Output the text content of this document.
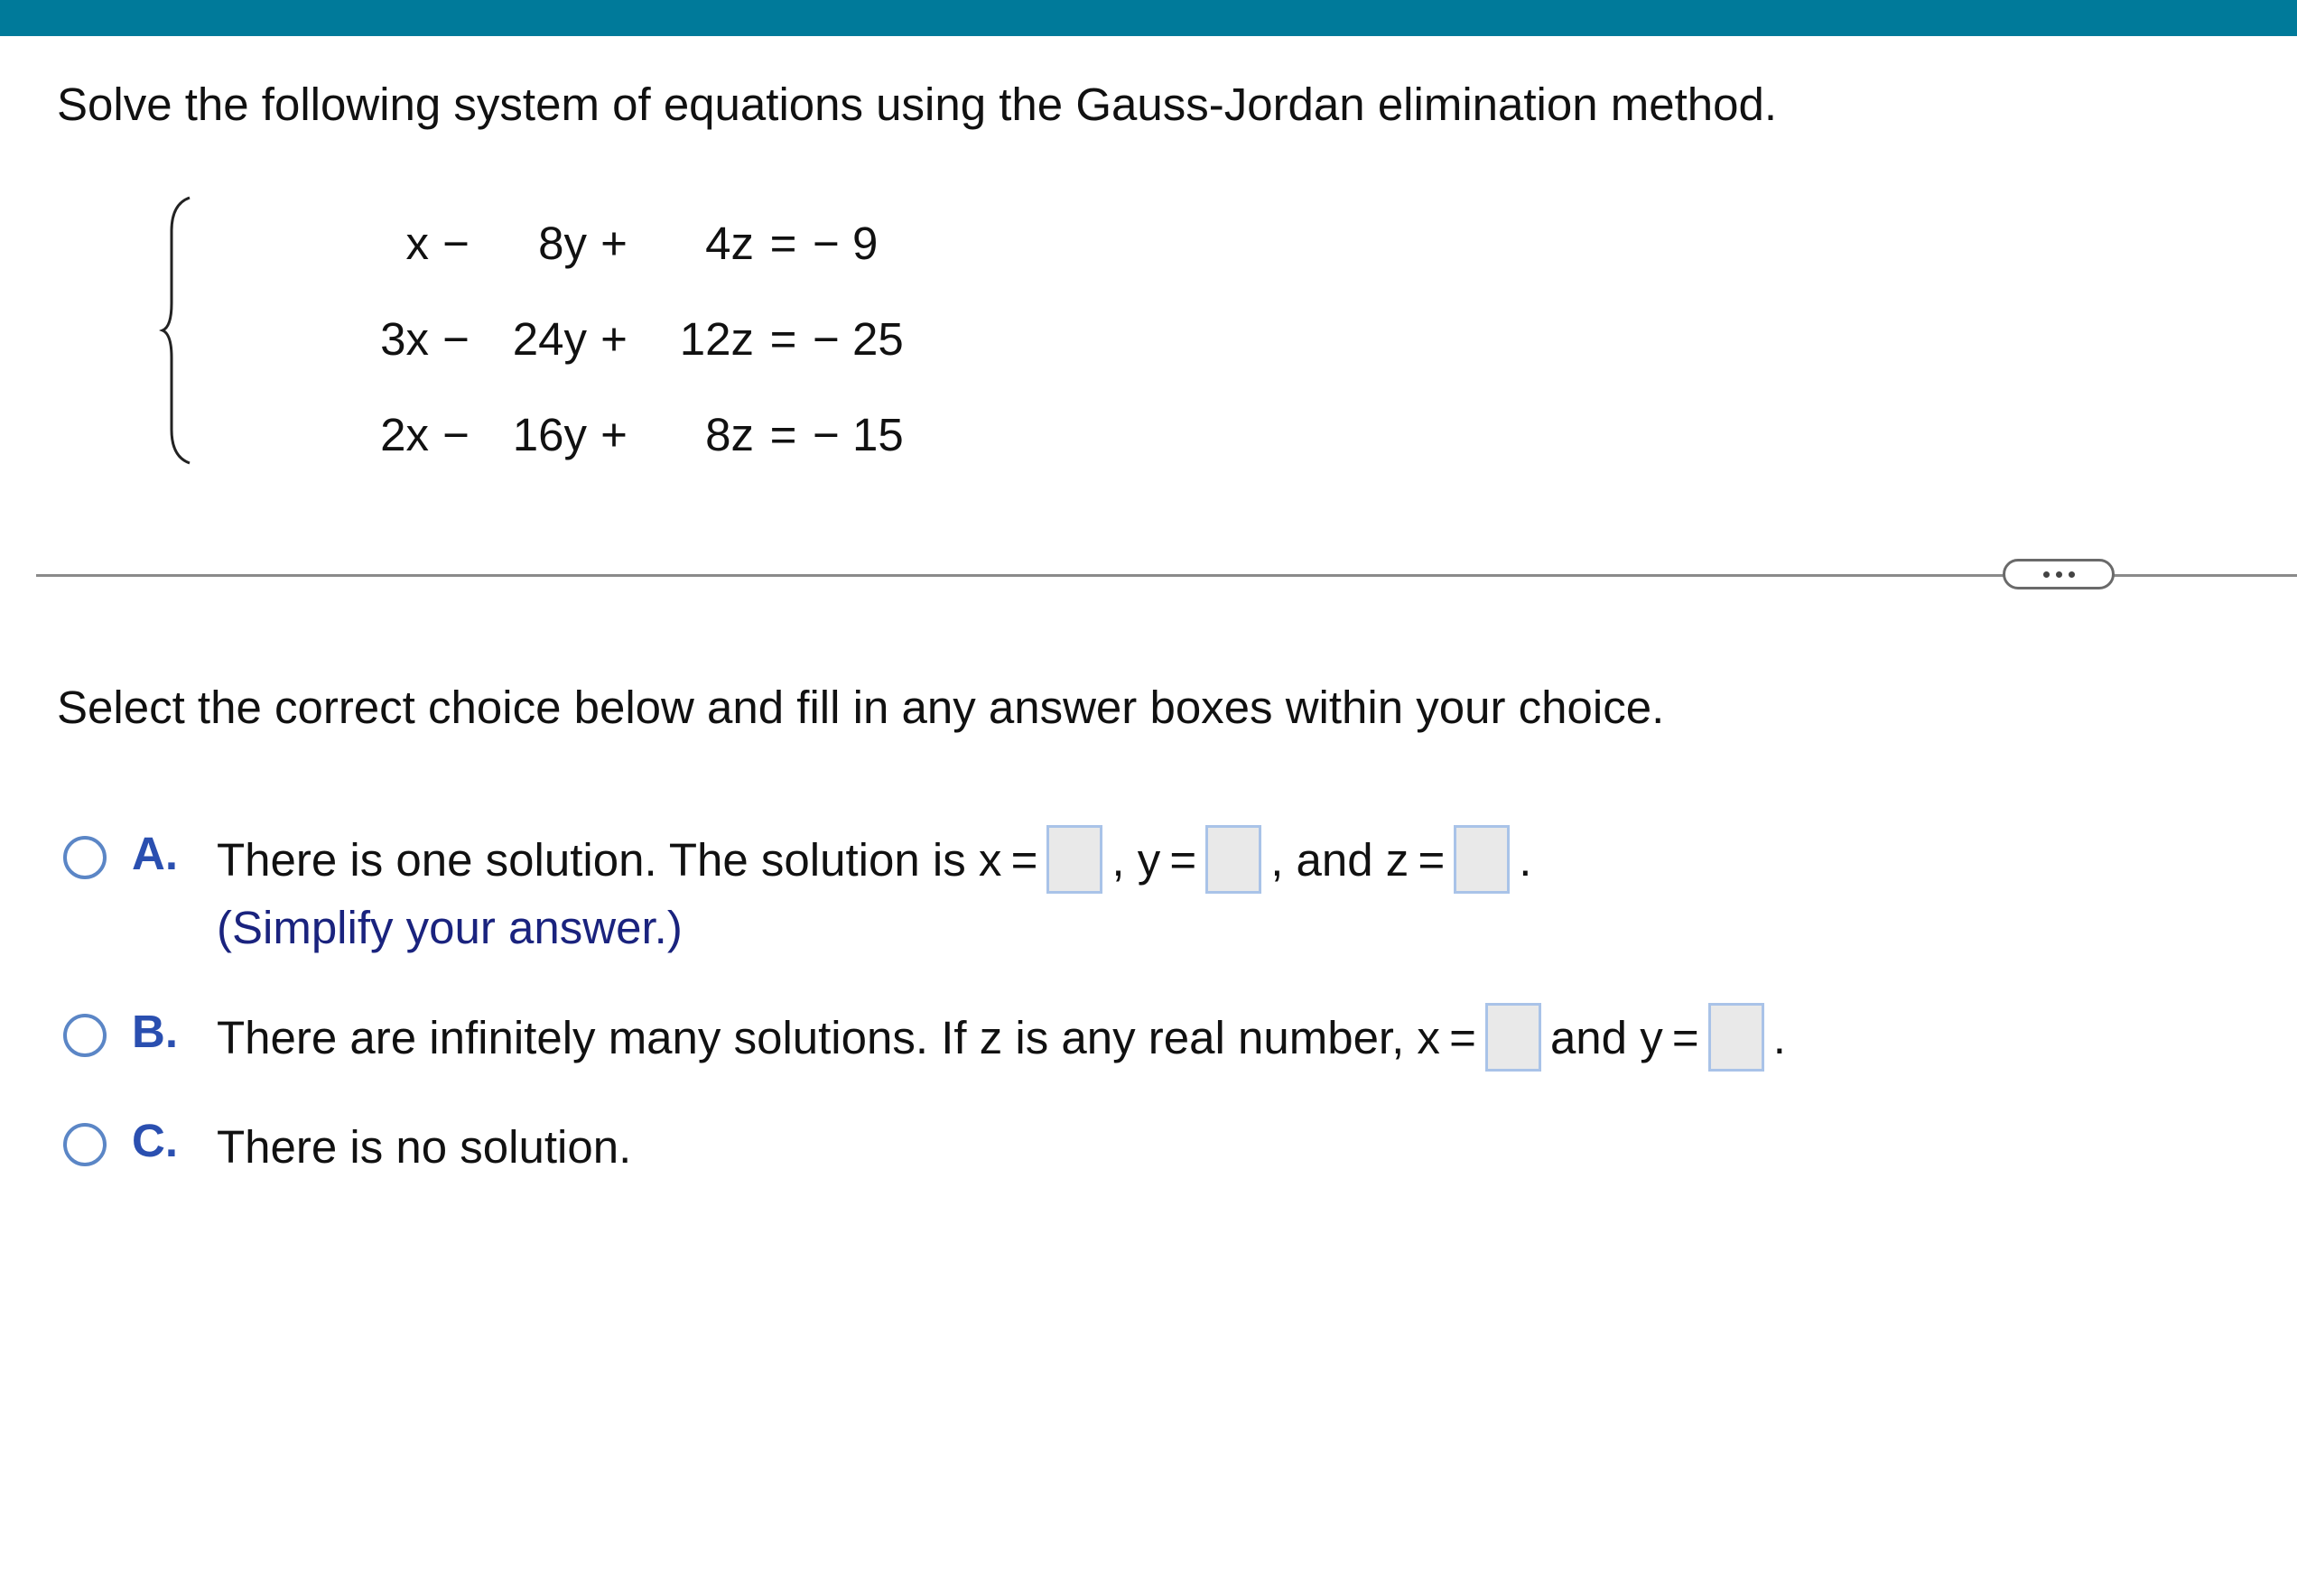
Solve the following system of equations using the Gauss-Jordan elimination method.
x −	8y +	4z = − 9
3x − 24y +	12z = − 25
2x − 16y +	8z = − 15
Select the correct choice below and fill in any answer boxes within your choice.
A. There is one solution. The solution is x = , y = , and z = .
(Simplify your answer.)
B. There are infinitely many solutions. If z is any real number, x = and y = .
C. There is no solution.
